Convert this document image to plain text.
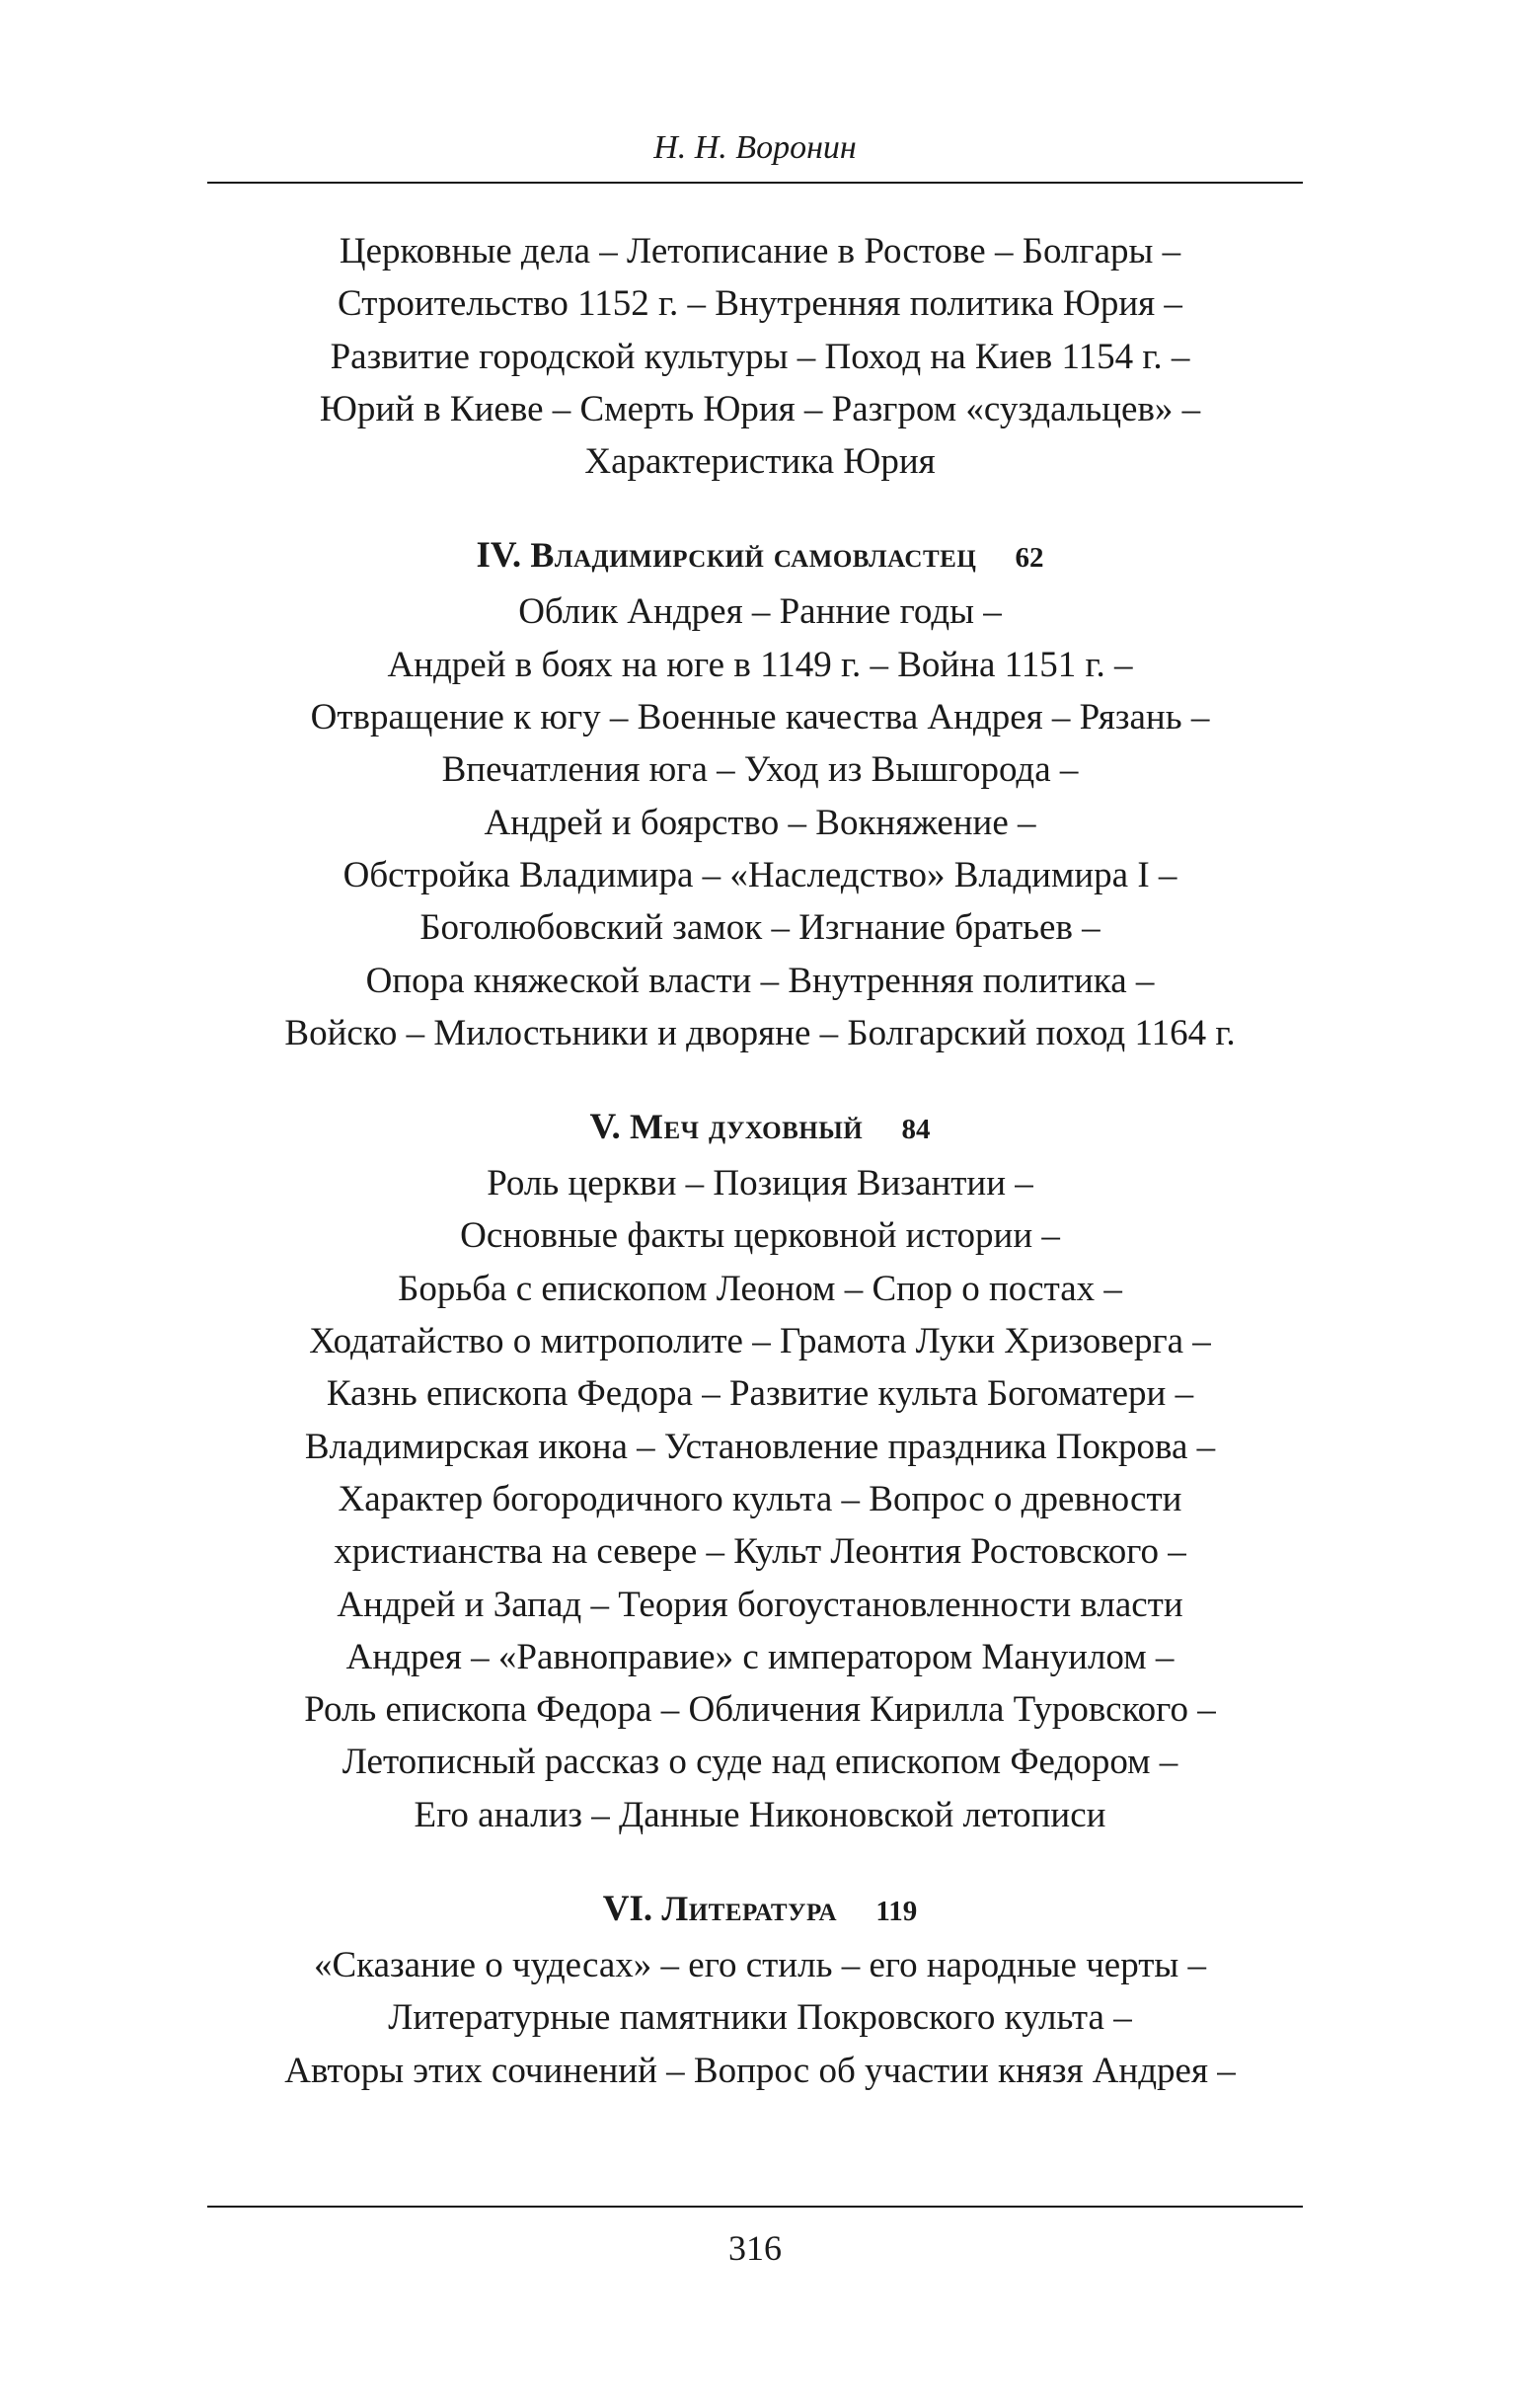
Н. Н. Воронин
Церковные дела – Летописание в Ростове – Болгары –
Строительство 1152 г. – Внутренняя политика Юрия –
Развитие городской культуры – Поход на Киев 1154 г. –
Юрий в Киеве – Смерть Юрия – Разгром «суздальцев» –
Характеристика Юрия
IV. Владимирский самовластец 62
Облик Андрея – Ранние годы –
Андрей в боях на юге в 1149 г. – Война 1151 г. –
Отвращение к югу – Военные качества Андрея – Рязань –
Впечатления юга – Уход из Вышгорода –
Андрей и боярство – Вокняжение –
Обстройка Владимира – «Наследство» Владимира I –
Боголюбовский замок – Изгнание братьев –
Опора княжеской власти – Внутренняя политика –
Войско – Милостьники и дворяне – Болгарский поход 1164 г.
V. Меч духовный 84
Роль церкви – Позиция Византии –
Основные факты церковной истории –
Борьба с епископом Леоном – Спор о постах –
Ходатайство о митрополите – Грамота Луки Хризоверга –
Казнь епископа Федора – Развитие культа Богоматери –
Владимирская икона – Установление праздника Покрова –
Характер богородичного культа – Вопрос о древности
христианства на севере – Культ Леонтия Ростовского –
Андрей и Запад – Теория богоустановленности власти
Андрея – «Равноправие» с императором Мануилом –
Роль епископа Федора – Обличения Кирилла Туровского –
Летописный рассказ о суде над епископом Федором –
Его анализ – Данные Никоновской летописи
VI. Литература 119
«Сказание о чудесах» – его стиль – его народные черты –
Литературные памятники Покровского культа –
Авторы этих сочинений – Вопрос об участии князя Андрея –
316
